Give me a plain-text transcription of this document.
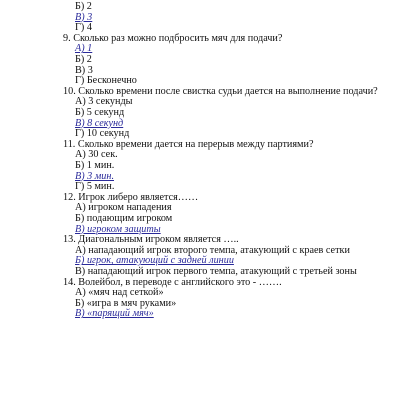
Б) 2
В) 3
Г) 4
9. Сколько раз можно подбросить мяч для подачи?
А) 1
Б) 2
В) 3
Г) Бесконечно
10. Сколько времени после свистка судьи дается на выполнение подачи?
А) 3 секунды
Б) 5 секунд
В) 8 секунд
Г) 10 секунд
11. Сколько времени дается на перерыв между партиями?
А) 30 сек.
Б) 1 мин.
В) 3 мин.
Г) 5 мин.
12. Игрок либеро является……
А) игроком нападения
Б) подающим игроком
В) игроком защиты
13. Диагональным игроком является …..
А) нападающий игрок второго темпа, атакующий с краев сетки
Б) игрок, атакующий с задней линии
В) нападающий игрок первого темпа, атакующий с третьей зоны
14. Волейбол, в переводе с английского это - …….
А) «мяч над сеткой»
Б) «игра в мяч руками»
В) «парящий мяч»
